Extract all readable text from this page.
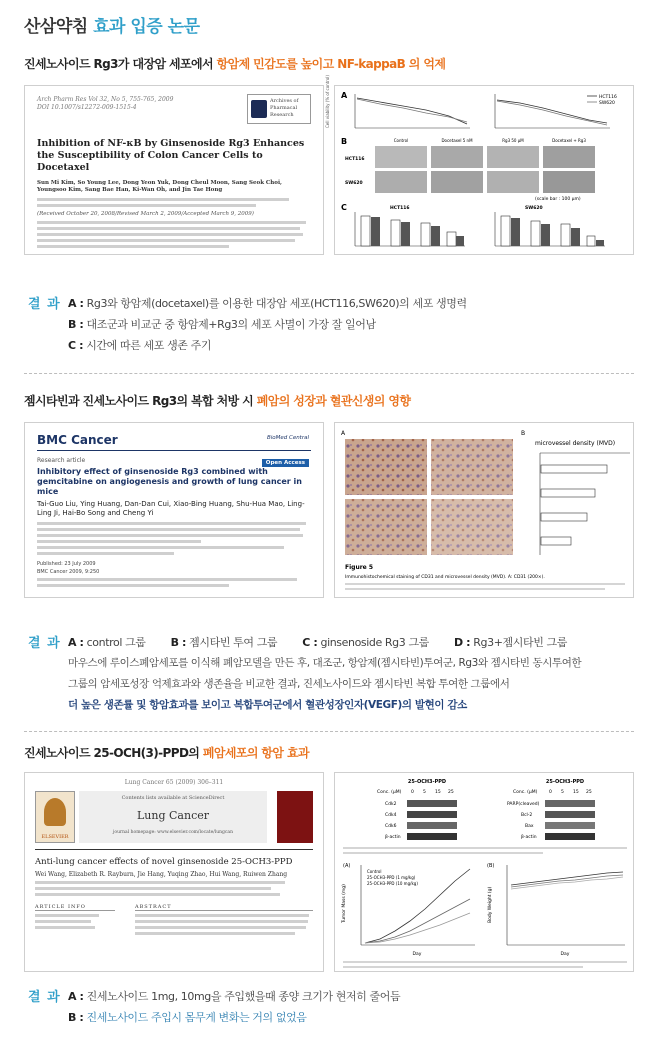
산삼약침 효과 입증 논문
진세노사이드 Rg3가 대장암 세포에서 항암제 민감도를 높이고 NF-kappaB 의 억제
Arch Pharm Res Vol 32, No 5, 755-765, 2009
DOI 10.1007/s12272-009-1515-4
Archives of Pharmacal Research
Inhibition of NF-κB by Ginsenoside Rg3 Enhances the Susceptibility of Colon Cancer Cells to Docetaxel
Sun Mi Kim, So Young Lee, Dong Yeon Yuk, Dong Cheul Moon, Sang Seok Choi, Youngsoo Kim, Sang Bae Han, Ki-Wan Oh, and Jin Tae Hong
(Received October 20, 2008/Revised March 2, 2009/Accepted March 9, 2009)
A
Cell viability (% of control)	HCT116
SW620
B	Control	Docetaxel 5 nM	Rg3 50 µM	Docetaxel + Rg3
HCT116
SW620
(scale bar : 100 µm)
C	HCT116	SW620
결 과 A : Rg3와 항암제(docetaxel)를 이용한 대장암 세포(HCT116,SW620)의 세포 생명력
B : 대조군과 비교군 중 항암제+Rg3의 세포 사멸이 가장 잘 일어남
C : 시간에 따른 세포 생존 주기
젬시타빈과 진세노사이드 Rg3의 복합 처방 시 폐암의 성장과 혈관신생의 영향
BMC Cancer	BioMed Central
Research article	Open Access
Inhibitory effect of ginsenoside Rg3 combined with gemcitabine on angiogenesis and growth of lung cancer in mice
Tai-Guo Liu, Ying Huang, Dan-Dan Cui, Xiao-Bing Huang, Shu-Hua Mao, Ling-Ling Ji, Hai-Bo Song and Cheng Yi
Published: 23 July 2009
BMC Cancer 2009, 9:250
A	B
microvessel density (MVD)
Figure 5
Immunohistochemical staining of CD31 and microvessel density (MVD). A: CD31 (200×).
결 과 A : control 그룹 B : 젬시타빈 투여 그룹 C : ginsenoside Rg3 그룹 D : Rg3+젬시타빈 그룹
마우스에 루이스폐암세포를 이식해 폐암모델을 만든 후, 대조군, 항암제(젬시타빈)투여군, Rg3와 젬시타빈 동시투여한
그룹의 암세포성장 억제효과와 생존율을 비교한 결과, 진세노사이드와 젬시타빈 복합 투여한 그룹에서
더 높은 생존률 및 항암효과를 보이고 복합투여군에서 혈관성장인자(VEGF)의 발현이 감소
진세노사이드 25-OCH(3)-PPD의 폐암세포의 항암 효과
Lung Cancer 65 (2009) 306–311
ELSEVIER
Contents lists available at ScienceDirect
Lung Cancer
journal homepage: www.elsevier.com/locate/lungcan
Anti-lung cancer effects of novel ginsenoside 25-OCH3-PPD
Wei Wang, Elizabeth R. Rayburn, Jie Hang, Yuqing Zhao, Hui Wang, Ruiwen Zhang
ARTICLE INFO	ABSTRACT
25-OCH3-PPD
Conc. (µM) 0 5 15 25
Cdk2
Cdk4
Cdk6
β-actin
25-OCH3-PPD
Conc. (µM)	0 5 15 25
PARP(cleaved)
Bcl-2
Bax
β-actin
(A)
Tumor Mass (mg)
Control
25-OCH3-PPD (1 mg/kg)
25-OCH3-PPD (10 mg/kg)
Day
(B)
Body Weight (g)
Day
결 과 A : 진세노사이드 1mg, 10mg을 주입했을때 종양 크기가 현저히 줄어듬
B : 진세노사이드 주입시 몸무게 변화는 거의 없었음
